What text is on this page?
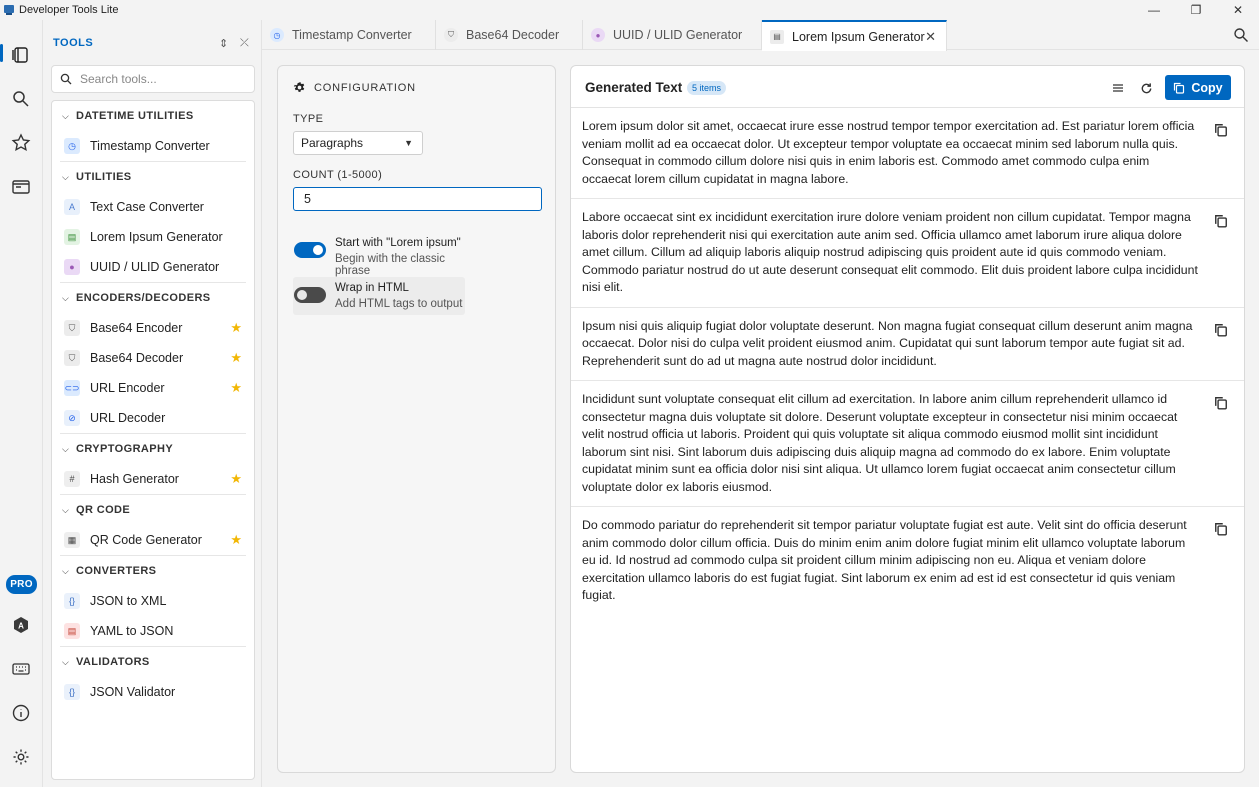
Developer Tools Lite	—	❐	✕
PRO
A
TOOLS	⇕ ⤫
Search tools...
⌵ DATETIME UTILITIES
◷	Timestamp Converter
⌵ UTILITIES
A	Text Case Converter
▤	Lorem Ipsum Generator
●	UUID / ULID Generator
⌵ ENCODERS/DECODERS
⛉	Base64 Encoder	★
⛉	Base64 Decoder	★
⊂⊃ URL Encoder	★
⊘	URL Decoder
⌵ CRYPTOGRAPHY
#	Hash Generator	★
⌵ QR CODE
▦	QR Code Generator ★
⌵ CONVERTERS
{}	JSON to XML
▤	YAML to JSON
⌵ VALIDATORS
{}	JSON Validator
◷ Timestamp Converter	⛉ Base64 Decoder	●	UUID / ULID Generator	▤ Lorem Ipsum Generator ✕
CONFIGURATION
TYPE
Paragraphs	▼
COUNT (1-5000)
5
Start with "Lorem ipsum"
Begin with the classic phrase
Wrap in HTML
Add HTML tags to output
Generated Text	5 items	Copy
Lorem ipsum dolor sit amet, occaecat irure esse nostrud tempor tempor exercitation ad. Est pariatur lorem officia veniam mollit ad ea occaecat dolor. Ut excepteur tempor voluptate ea occaecat minim sed laborum nulla quis. Consequat in commodo cillum dolore nisi quis in enim laboris est. Commodo amet commodo culpa enim occaecat lorem cillum cupidatat in magna labore.
Labore occaecat sint ex incididunt exercitation irure dolore veniam proident non cillum cupidatat. Tempor magna laboris dolor reprehenderit nisi qui exercitation aute anim sed. Officia ullamco amet laborum irure aliqua dolore amet cillum. Cillum ad aliquip laboris aliquip nostrud adipiscing quis proident aute id quis commodo veniam. Commodo pariatur nostrud do ut aute deserunt consequat elit commodo. Elit duis proident labore culpa incididunt nisi elit.
Ipsum nisi quis aliquip fugiat dolor voluptate deserunt. Non magna fugiat consequat cillum deserunt anim magna occaecat. Dolor nisi do culpa velit proident eiusmod anim. Cupidatat qui sunt laborum tempor aute fugiat sit ad. Reprehenderit sunt do ad ut magna aute nostrud dolor incididunt.
Incididunt sunt voluptate consequat elit cillum ad exercitation. In labore anim cillum reprehenderit ullamco id consectetur magna duis voluptate sit dolore. Deserunt voluptate excepteur in consectetur nisi minim occaecat velit nostrud officia ut laboris. Proident qui quis voluptate sit aliqua commodo eiusmod mollit sint incididunt laborum sint nisi. Sint laborum duis adipiscing duis aliquip magna ad commodo do ex labore. Enim voluptate cupidatat minim sunt ea officia dolor nisi sint aliqua. Ut ullamco lorem fugiat occaecat anim consectetur cillum voluptate dolor ex laboris eiusmod.
Do commodo pariatur do reprehenderit sit tempor pariatur voluptate fugiat est aute. Velit sint do officia deserunt anim commodo dolor cillum officia. Duis do minim enim anim dolore fugiat minim elit ullamco voluptate laborum eu id. Id nostrud ad commodo culpa sit proident cillum minim adipiscing non eu. Aliqua et veniam dolore exercitation ullamco laboris do est fugiat fugiat. Sint laborum ex enim ad est id est consectetur id quis veniam fugiat.
